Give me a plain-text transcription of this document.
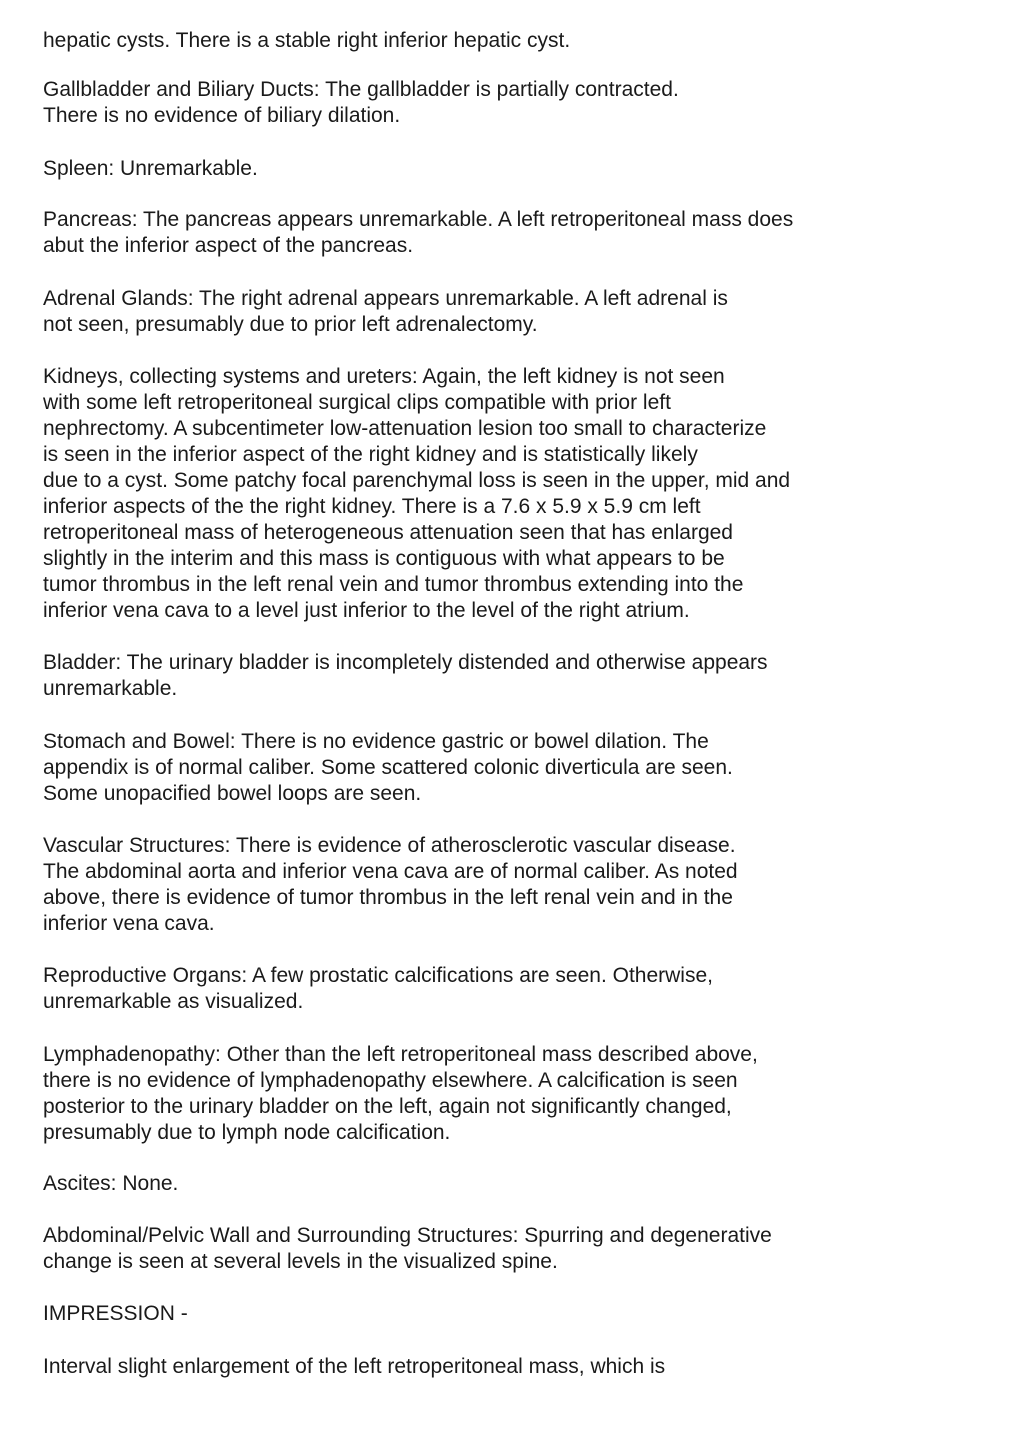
hepatic cysts. There is a stable right inferior hepatic cyst.
Gallbladder and Biliary Ducts: The gallbladder is partially contracted.
There is no evidence of biliary dilation.
Spleen: Unremarkable.
Pancreas: The pancreas appears unremarkable. A left retroperitoneal mass does
abut the inferior aspect of the pancreas.
Adrenal Glands: The right adrenal appears unremarkable. A left adrenal is
not seen, presumably due to prior left adrenalectomy.
Kidneys, collecting systems and ureters: Again, the left kidney is not seen
with some left retroperitoneal surgical clips compatible with prior left
nephrectomy. A subcentimeter low-attenuation lesion too small to characterize
is seen in the inferior aspect of the right kidney and is statistically likely
due to a cyst. Some patchy focal parenchymal loss is seen in the upper, mid and
inferior aspects of the the right kidney. There is a 7.6 x 5.9 x 5.9 cm left
retroperitoneal mass of heterogeneous attenuation seen that has enlarged
slightly in the interim and this mass is contiguous with what appears to be
tumor thrombus in the left renal vein and tumor thrombus extending into the
inferior vena cava to a level just inferior to the level of the right atrium.
Bladder: The urinary bladder is incompletely distended and otherwise appears
unremarkable.
Stomach and Bowel: There is no evidence gastric or bowel dilation. The
appendix is of normal caliber. Some scattered colonic diverticula are seen.
Some unopacified bowel loops are seen.
Vascular Structures: There is evidence of atherosclerotic vascular disease.
The abdominal aorta and inferior vena cava are of normal caliber. As noted
above, there is evidence of tumor thrombus in the left renal vein and in the
inferior vena cava.
Reproductive Organs: A few prostatic calcifications are seen. Otherwise,
unremarkable as visualized.
Lymphadenopathy: Other than the left retroperitoneal mass described above,
there is no evidence of lymphadenopathy elsewhere. A calcification is seen
posterior to the urinary bladder on the left, again not significantly changed,
presumably due to lymph node calcification.
Ascites: None.
Abdominal/Pelvic Wall and Surrounding Structures: Spurring and degenerative
change is seen at several levels in the visualized spine.
IMPRESSION -
Interval slight enlargement of the left retroperitoneal mass, which is
